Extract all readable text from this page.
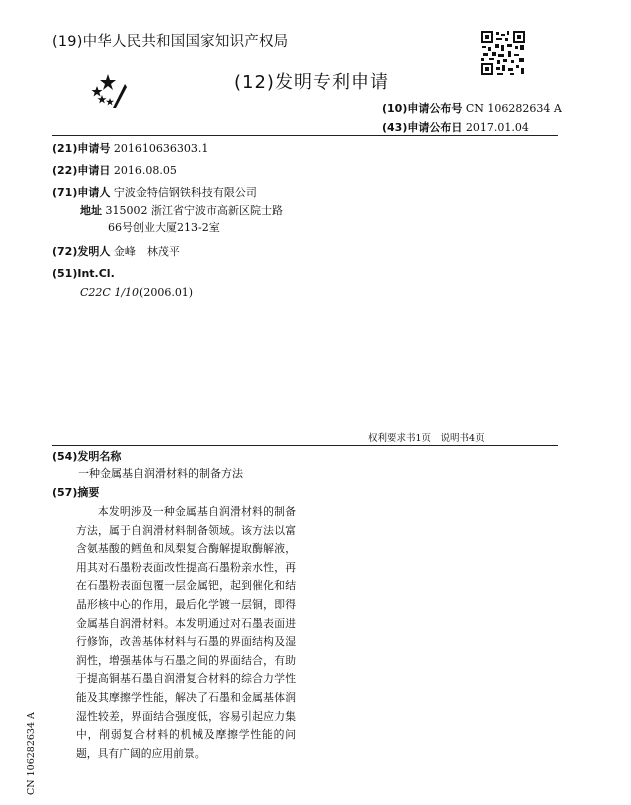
(19)中华人民共和国国家知识产权局
(12)发明专利申请
(10)申请公布号 CN 106282634 A
(43)申请公布日 2017.01.04
(21)申请号 201610636303.1
(22)申请日 2016.08.05
(71)申请人 宁波金特信钢铁科技有限公司
地址 315002 浙江省宁波市高新区院士路
66号创业大厦213-2室
(72)发明人 金峰　林茂平
(51)Int.Cl.
C22C 1/10(2006.01)
权利要求书1页　说明书4页
(54)发明名称
一种金属基自润滑材料的制备方法
(57)摘要

本发明涉及一种金属基自润滑材料的制备方法，属于自润滑材料制备领域。该方法以富含氨基酸的鳕鱼和凤梨复合酶解提取酶解液，用其对石墨粉表面改性提高石墨粉亲水性，再在石墨粉表面包覆一层金属钯，起到催化和结晶形核中心的作用，最后化学镀一层铜，即得金属基自润滑材料。本发明通过对石墨表面进行修饰，改善基体材料与石墨的界面结构及湿润性，增强基体与石墨之间的界面结合，有助于提高铜基石墨自润滑复合材料的综合力学性能及其摩擦学性能，解决了石墨和金属基体润湿性较差，界面结合强度低，容易引起应力集中，削弱复合材料的机械及摩擦学性能的问题，具有广阔的应用前景。

CN 106282634 A
